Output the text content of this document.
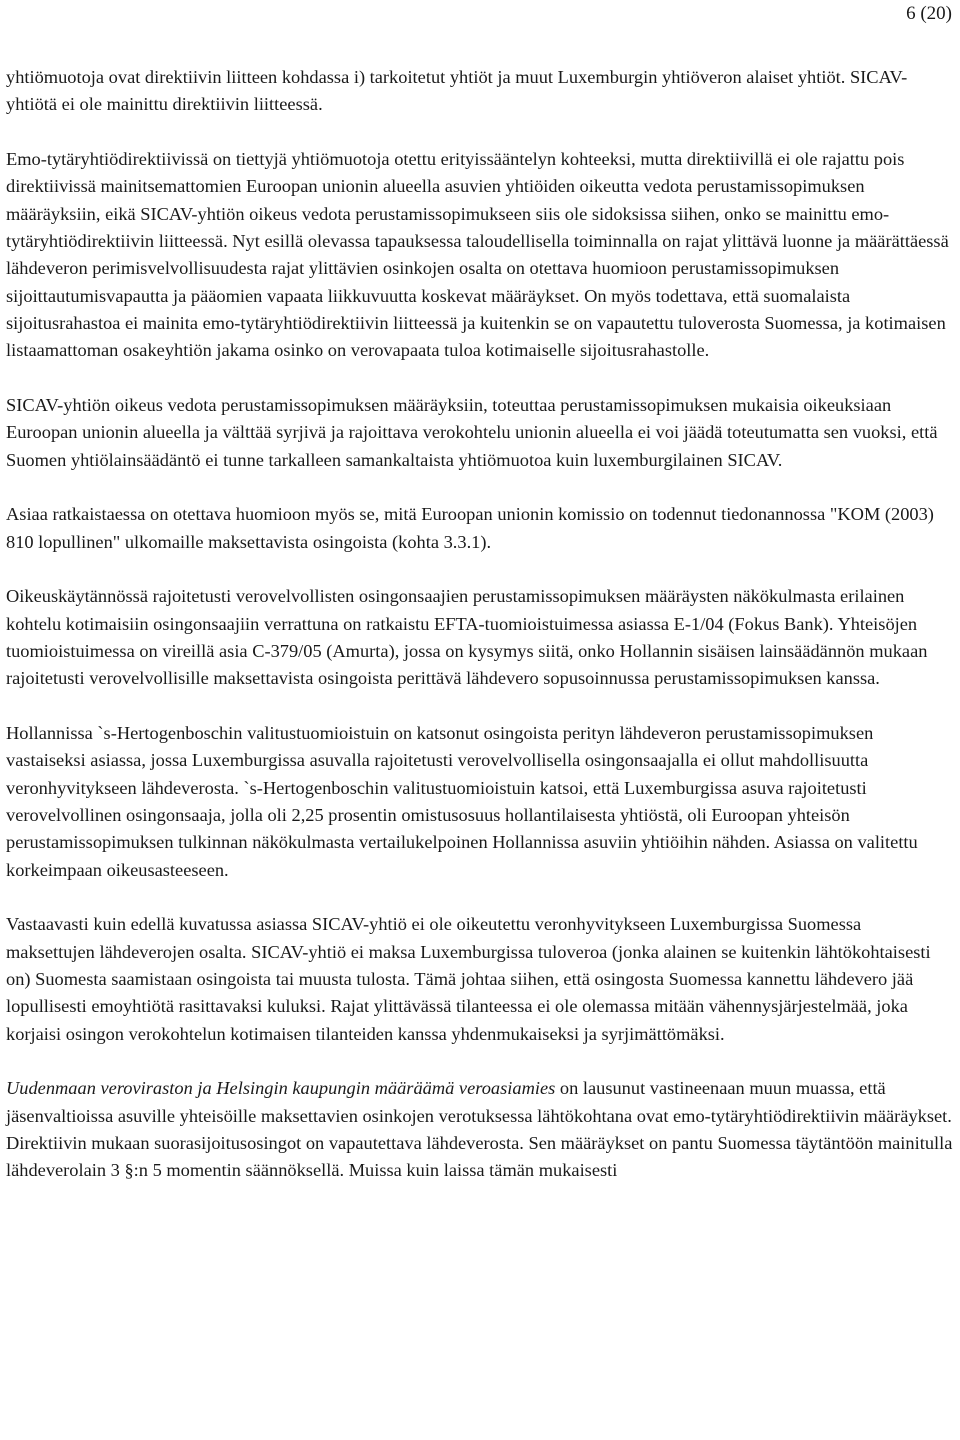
6 (20)

yhtiömuotoja ovat direktiivin liitteen kohdassa i) tarkoitetut yhtiöt ja muut Luxemburgin yhtiöveron alaiset yhtiöt. SICAV-yhtiötä ei ole mainittu direktiivin liitteessä.

Emo-tytäryhtiödirektiivissä on tiettyjä yhtiömuotoja otettu erityissääntelyn kohteeksi, mutta direktiivillä ei ole rajattu pois direktiivissä mainitsemattomien Euroopan unionin alueella asuvien yhtiöiden oikeutta vedota perustamissopimuksen määräyksiin, eikä SICAV-yhtiön oikeus vedota perustamissopimukseen siis ole sidoksissa siihen, onko se mainittu emo-tytäryhtiödirektiivin liitteessä. Nyt esillä olevassa tapauksessa taloudellisella toiminnalla on rajat ylittävä luonne ja määrättäessä lähdeveron perimisvelvollisuudesta rajat ylittävien osinkojen osalta on otettava huomioon perustamissopimuksen sijoittautumisvapautta ja pääomien vapaata liikkuvuutta koskevat määräykset. On myös todettava, että suomalaista sijoitusrahastoa ei mainita emo-tytäryhtiödirektiivin liitteessä ja kuitenkin se on vapautettu tuloverosta Suomessa, ja kotimaisen listaamattoman osakeyhtiön jakama osinko on verovapaata tuloa kotimaiselle sijoitusrahastolle.

SICAV-yhtiön oikeus vedota perustamissopimuksen määräyksiin, toteuttaa perustamissopimuksen mukaisia oikeuksiaan Euroopan unionin alueella ja välttää syrjivä ja rajoittava verokohtelu unionin alueella ei voi jäädä toteutumatta sen vuoksi, että Suomen yhtiölainsäädäntö ei tunne tarkalleen samankaltaista yhtiömuotoa kuin luxemburgilainen SICAV.

Asiaa ratkaistaessa on otettava huomioon myös se, mitä Euroopan unionin komissio on todennut tiedonannossa "KOM (2003) 810 lopullinen" ulkomaille maksettavista osingoista (kohta 3.3.1).

Oikeuskäytännössä rajoitetusti verovelvollisten osingonsaajien perustamissopimuksen määräysten näkökulmasta erilainen kohtelu kotimaisiin osingonsaajiin verrattuna on ratkaistu EFTA-tuomioistuimessa asiassa E-1/04 (Fokus Bank). Yhteisöjen tuomioistuimessa on vireillä asia C-379/05 (Amurta), jossa on kysymys siitä, onko Hollannin sisäisen lainsäädännön mukaan rajoitetusti verovelvollisille maksettavista osingoista perittävä lähdevero sopusoinnussa perustamissopimuksen kanssa.

Hollannissa `s-Hertogenboschin valitustuomioistuin on katsonut osingoista perityn lähdeveron perustamissopimuksen vastaiseksi asiassa, jossa Luxemburgissa asuvalla rajoitetusti verovelvollisella osingonsaajalla ei ollut mahdollisuutta veronhyvitykseen lähdeverosta. `s-Hertogenboschin valitustuomioistuin katsoi, että Luxemburgissa asuva rajoitetusti verovelvollinen osingonsaaja, jolla oli 2,25 prosentin omistusosuus hollantilaisesta yhtiöstä, oli Euroopan yhteisön perustamissopimuksen tulkinnan näkökulmasta vertailukelpoinen Hollannissa asuviin yhtiöihin nähden. Asiassa on valitettu korkeimpaan oikeusasteeseen.

Vastaavasti kuin edellä kuvatussa asiassa SICAV-yhtiö ei ole oikeutettu veronhyvitykseen Luxemburgissa Suomessa maksettujen lähdeverojen osalta. SICAV-yhtiö ei maksa Luxemburgissa tuloveroa (jonka alainen se kuitenkin lähtökohtaisesti on) Suomesta saamistaan osingoista tai muusta tulosta. Tämä johtaa siihen, että osingosta Suomessa kannettu lähdevero jää lopullisesti emoyhtiötä rasittavaksi kuluksi. Rajat ylittävässä tilanteessa ei ole olemassa mitään vähennysjärjestelmää, joka korjaisi osingon verokohtelun kotimaisen tilanteiden kanssa yhdenmukaiseksi ja syrjimättömäksi.

Uudenmaan veroviraston ja Helsingin kaupungin määräämä veroasiamies on lausunut vastineenaan muun muassa, että jäsenvaltioissa asuville yhteisöille maksettavien osinkojen verotuksessa lähtökohtana ovat emo-tytäryhtiödirektiivin määräykset. Direktiivin mukaan suorasijoitusosingot on vapautettava lähdeverosta. Sen määräykset on pantu Suomessa täytäntöön mainitulla lähdeverolain 3 §:n 5 momentin säännöksellä. Muissa kuin laissa tämän mukaisesti
